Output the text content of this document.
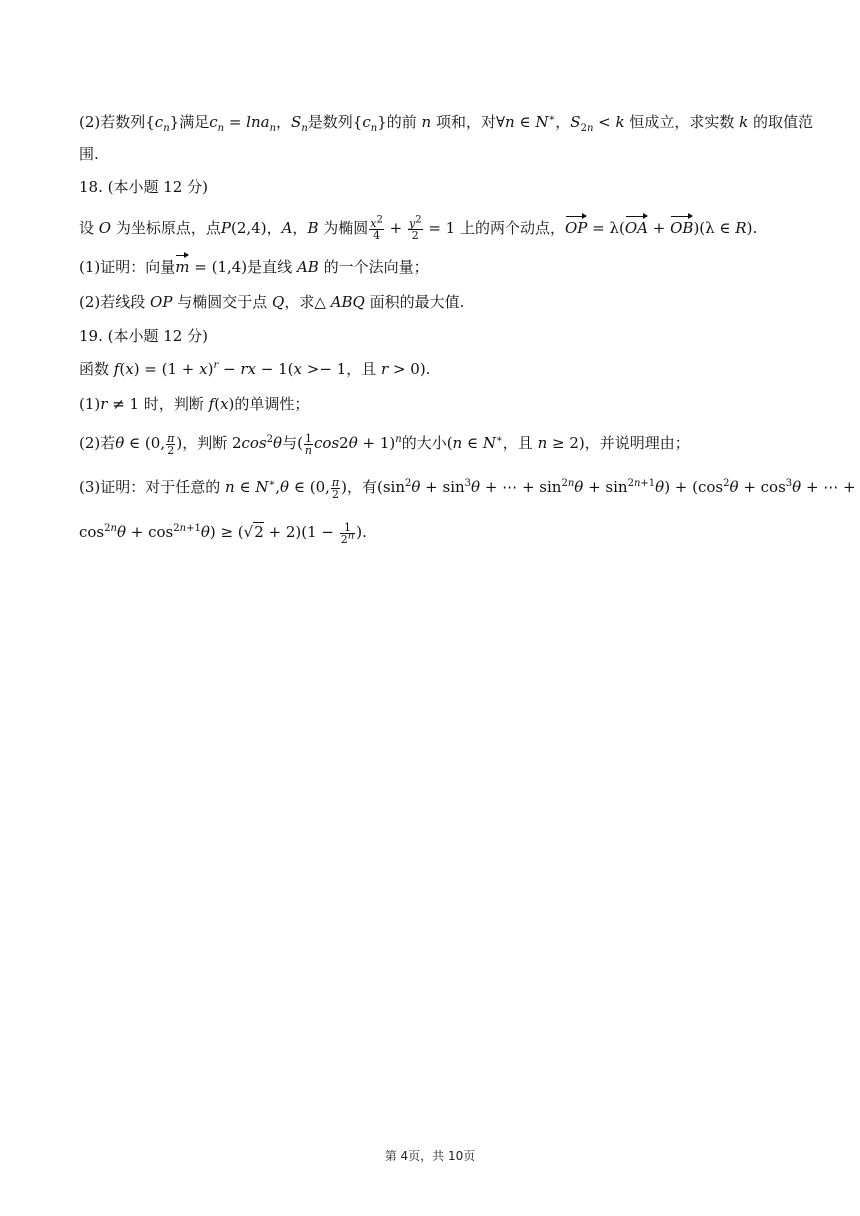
(2)若数列$\{c_n\}$满足$c_n = \ln a_n$，$S_n$是数列$\{c_n\}$的前 n 项和，对∀n ∈ N∗，$S_{2n} < k$ 恒成立，求实数 k 的取值范
围.
18. (本小题 12 分)
设 O 为坐标原点，点P(2,4)，A，B 为椭圆 $\frac{x^2}{4} + \frac{y^2}{2} = 1$ 上的两个动点，OP = λ(OA + OB)(λ ∈ R).
(1)证明：向量m = (1,4)是直线 AB 的一个法向量；
(2)若线段 OP 与椭圆交于点 Q，求△ ABQ 面积的最大值.
19. (本小题 12 分)
函数 $f(x) = (1 + x)^r$ − rx − 1(x >− 1，且 r > 0).
(1)r ≠ 1 时，判断 f(x)的单调性；
(2)若θ ∈ (0, $\frac{\pi}{2}$ )，判断 $2\cos^2\theta$与( $\frac{1}{n} \cos 2\theta + 1)^n$的大小(n ∈ N∗，且 n ≥ 2)，并说明理由；
(3)证明：对于任意的 n ∈ N∗,θ ∈ (0, $\frac{\pi}{2}$ )，有($\sin^2\theta + \sin^3\theta$ + ⋯ + $\sin^{2n}\theta + \sin^{2n+1}\theta) + (\cos^2\theta + \cos^3\theta$ + ⋯ +
$\cos^{2n}\theta + \cos^{2n+1}\theta) \ge (√2 + 2)(1 - \frac{1}{2^n}$ ).
第 4页，共 10页
